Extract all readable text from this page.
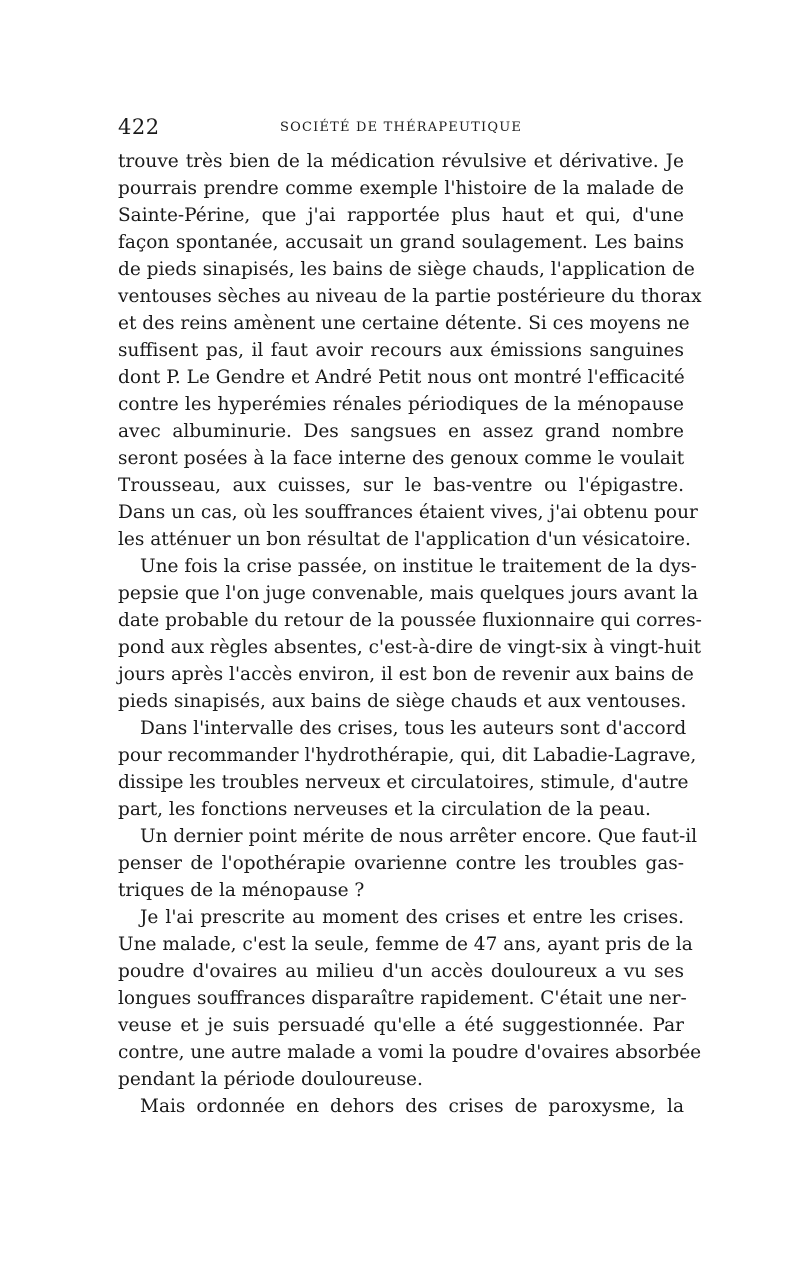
422	SOCIÉTÉ DE THÉRAPEUTIQUE
trouve très bien de la médication révulsive et dérivative. Je
pourrais prendre comme exemple l'histoire de la malade de
Sainte-Périne, que j'ai rapportée plus haut et qui, d'une
façon spontanée, accusait un grand soulagement. Les bains
de pieds sinapisés, les bains de siège chauds, l'application de
ventouses sèches au niveau de la partie postérieure du thorax
et des reins amènent une certaine détente. Si ces moyens ne
suffisent pas, il faut avoir recours aux émissions sanguines
dont P. Le Gendre et André Petit nous ont montré l'efficacité
contre les hyperémies rénales périodiques de la ménopause
avec albuminurie. Des sangsues en assez grand nombre
seront posées à la face interne des genoux comme le voulait
Trousseau, aux cuisses, sur le bas-ventre ou l'épigastre.
Dans un cas, où les souffrances étaient vives, j'ai obtenu pour
les atténuer un bon résultat de l'application d'un vésicatoire.
Une fois la crise passée, on institue le traitement de la dys-
pepsie que l'on juge convenable, mais quelques jours avant la
date probable du retour de la poussée fluxionnaire qui corres-
pond aux règles absentes, c'est-à-dire de vingt-six à vingt-huit
jours après l'accès environ, il est bon de revenir aux bains de
pieds sinapisés, aux bains de siège chauds et aux ventouses.
Dans l'intervalle des crises, tous les auteurs sont d'accord
pour recommander l'hydrothérapie, qui, dit Labadie-Lagrave,
dissipe les troubles nerveux et circulatoires, stimule, d'autre
part, les fonctions nerveuses et la circulation de la peau.
Un dernier point mérite de nous arrêter encore. Que faut-il
penser de l'opothérapie ovarienne contre les troubles gas-
triques de la ménopause ?
Je l'ai prescrite au moment des crises et entre les crises.
Une malade, c'est la seule, femme de 47 ans, ayant pris de la
poudre d'ovaires au milieu d'un accès douloureux a vu ses
longues souffrances disparaître rapidement. C'était une ner-
veuse et je suis persuadé qu'elle a été suggestionnée. Par
contre, une autre malade a vomi la poudre d'ovaires absorbée
pendant la période douloureuse.
Mais ordonnée en dehors des crises de paroxysme, la
